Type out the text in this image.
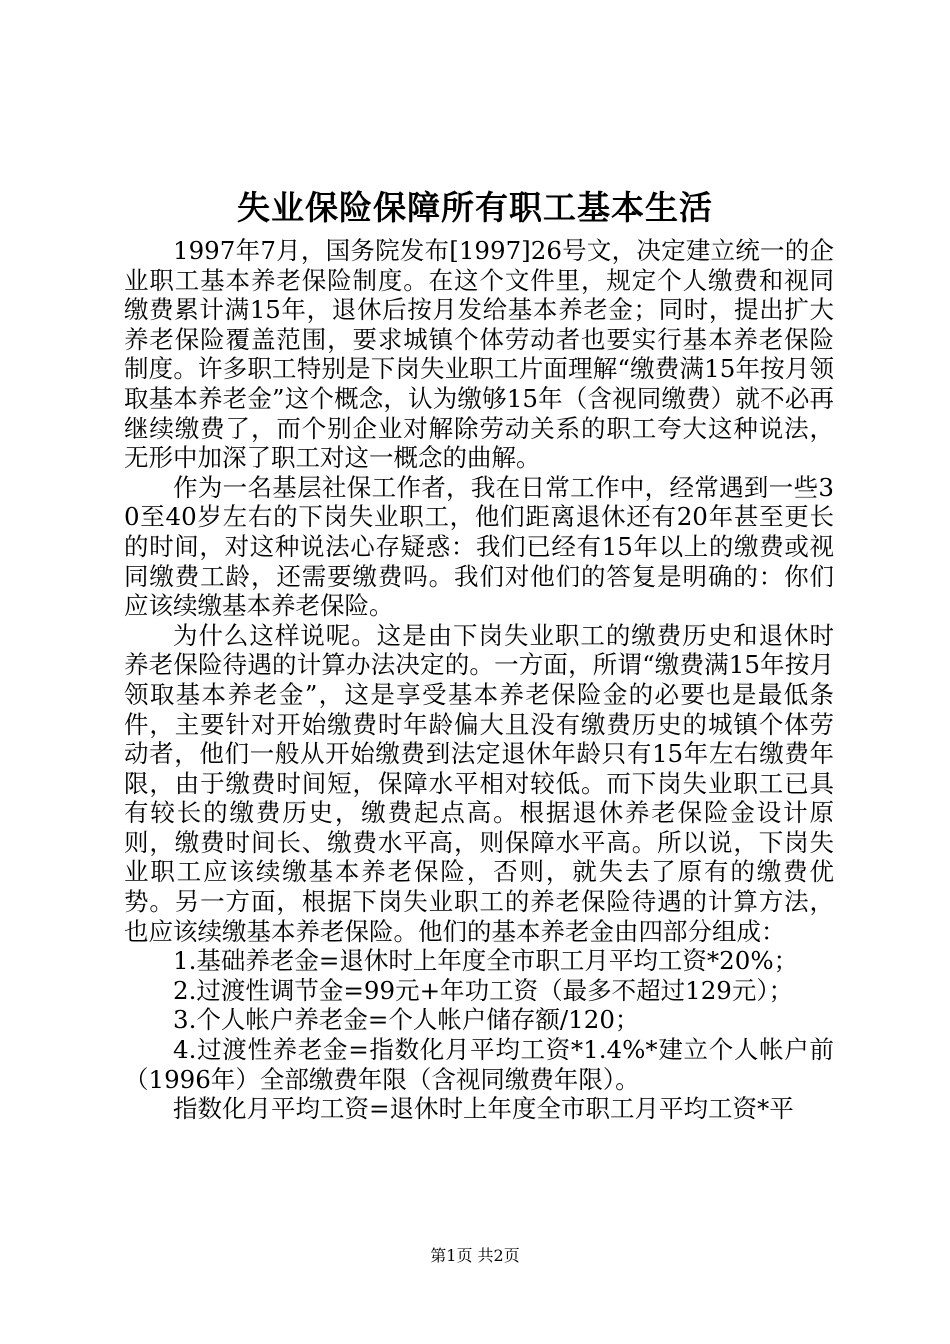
失业保险保障所有职工基本生活

1997年7月，国务院发布[1997]26号文，决定建立统一的企业职工基本养老保险制度。在这个文件里，规定个人缴费和视同缴费累计满15年，退休后按月发给基本养老金；同时，提出扩大养老保险覆盖范围，要求城镇个体劳动者也要实行基本养老保险制度。许多职工特别是下岗失业职工片面理解“缴费满15年按月领取基本养老金”这个概念，认为缴够15年（含视同缴费）就不必再继续缴费了，而个别企业对解除劳动关系的职工夸大这种说法，无形中加深了职工对这一概念的曲解。

作为一名基层社保工作者，我在日常工作中，经常遇到一些30至40岁左右的下岗失业职工，他们距离退休还有20年甚至更长的时间，对这种说法心存疑惑：我们已经有15年以上的缴费或视同缴费工龄，还需要缴费吗。我们对他们的答复是明确的：你们应该续缴基本养老保险。

为什么这样说呢。这是由下岗失业职工的缴费历史和退休时养老保险待遇的计算办法决定的。一方面，所谓“缴费满15年按月领取基本养老金”，这是享受基本养老保险金的必要也是最低条件，主要针对开始缴费时年龄偏大且没有缴费历史的城镇个体劳动者，他们一般从开始缴费到法定退休年龄只有15年左右缴费年限，由于缴费时间短，保障水平相对较低。而下岗失业职工已具有较长的缴费历史，缴费起点高。根据退休养老保险金设计原则，缴费时间长、缴费水平高，则保障水平高。所以说，下岗失业职工应该续缴基本养老保险，否则，就失去了原有的缴费优势。另一方面，根据下岗失业职工的养老保险待遇的计算方法，也应该续缴基本养老保险。他们的基本养老金由四部分组成：

1.基础养老金=退休时上年度全市职工月平均工资*20%；

2.过渡性调节金=99元+年功工资（最多不超过129元）；

3.个人帐户养老金=个人帐户储存额/120；

4.过渡性养老金=指数化月平均工资*1.4%*建立个人帐户前（1996年）全部缴费年限（含视同缴费年限）。

指数化月平均工资=退休时上年度全市职工月平均工资*平

第1页 共2页
